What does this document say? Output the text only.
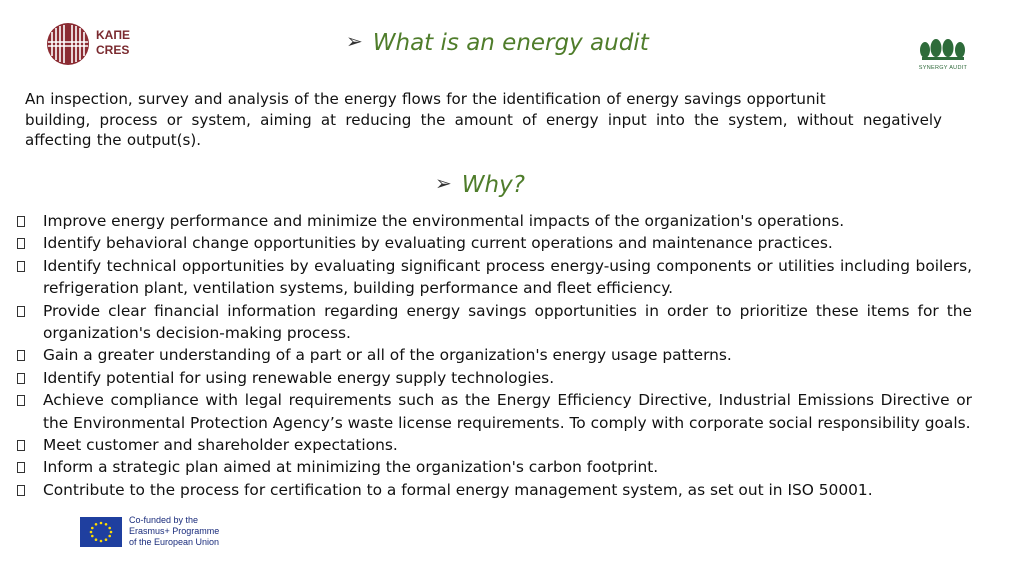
ΚΑΠΕ
CRES
SYNERGY AUDIT
➢ What is an energy audit
An inspection, survey and analysis of the energy flows for the identification of energy savings opportunit
building, process or system, aiming at reducing the amount of energy input into the system, without negatively affecting the output(s).
➢ Why?
Improve energy performance and minimize the environmental impacts of the organization's operations.
Identify behavioral change opportunities by evaluating current operations and maintenance practices.
Identify technical opportunities by evaluating significant process energy-using components or utilities including boilers, refrigeration plant, ventilation systems, building performance and fleet efficiency.
Provide clear financial information regarding energy savings opportunities in order to prioritize these items for the organization's decision-making process.
Gain a greater understanding of a part or all of the organization's energy usage patterns.
Identify potential for using renewable energy supply technologies.
Achieve compliance with legal requirements such as the Energy Efficiency Directive, Industrial Emissions Directive or the Environmental Protection Agency’s waste license requirements. To comply with corporate social responsibility goals.
Meet customer and shareholder expectations.
Inform a strategic plan aimed at minimizing the organization's carbon footprint.
Contribute to the process for certification to a formal energy management system, as set out in ISO 50001.
Co-funded by the
Erasmus+ Programme
of the European Union
